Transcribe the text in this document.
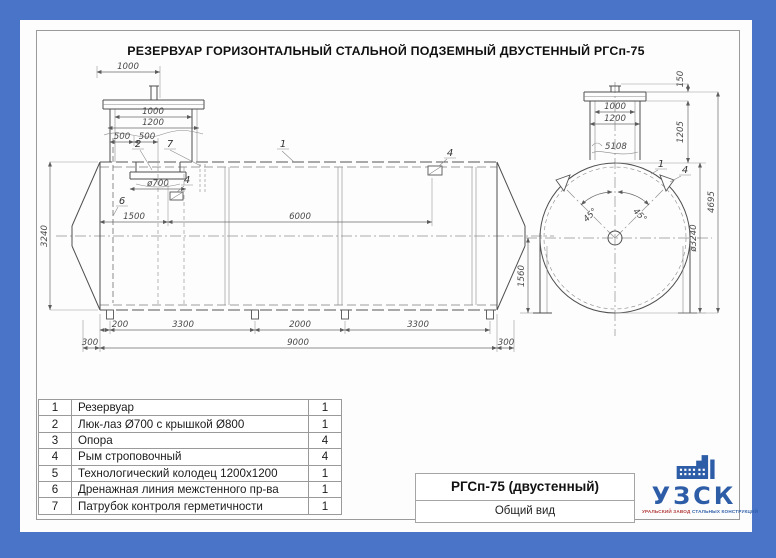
РЕЗЕРВУАР ГОРИЗОНТАЛЬНЫЙ СТАЛЬНОЙ ПОДЗЕМНЫЙ ДВУСТЕННЫЙ РГСп-75
1000
1000
1200
500 500
ø700
1500	6000
3240
200	3300	2000	3300
300	9000	300
2	7
4
6
1
4
45°	45°
1000
1200
5108
150
1205
ø3240
4695
1560
1
4
1	Резервуар	1
2	Люк-лаз Ø700 с крышкой Ø800	1
3	Опора	4
4	Рым строповочный	4
5	Технологический колодец 1200х1200	1
6	Дренажная линия межстенного пр-ва	1
7	Патрубок контроля герметичности	1
РГСп-75 (двустенный)
Общий вид
УЗСК
УРАЛЬСКИЙ ЗАВОД СТАЛЬНЫХ КОНСТРУКЦИЙ
